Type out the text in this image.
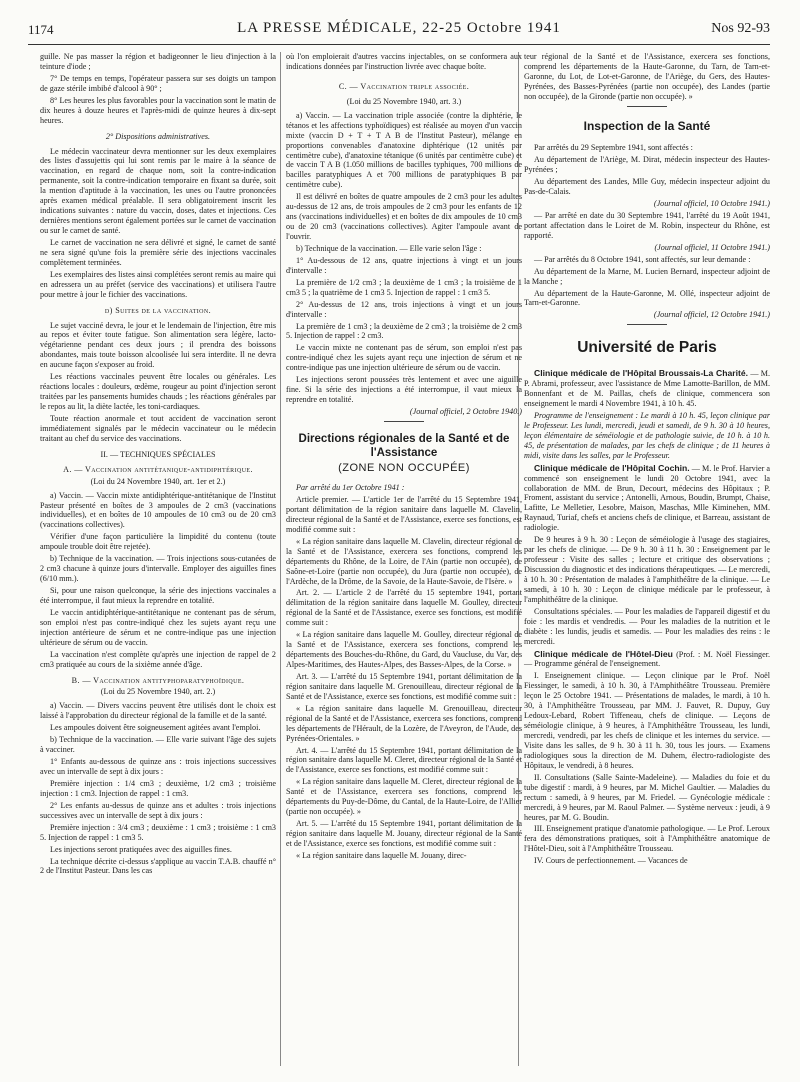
1174	LA PRESSE MÉDICALE, 22-25 Octobre 1941	Nos 92-93

guille. Ne pas masser la région et badigeonner le lieu d'injection à la teinture d'iode ;

7° De temps en temps, l'opérateur passera sur ses doigts un tampon de gaze stérile imbibé d'alcool à 90° ;

8° Les heures les plus favorables pour la vaccination sont le matin de dix heures à douze heures et l'après-midi de quinze heures à dix-sept heures.

2° Dispositions administratives.

Le médecin vaccinateur devra mentionner sur les deux exemplaires des listes d'assujettis qui lui sont remis par le maire à la séance de vaccination, en regard de chaque nom, soit la contre-indication permanente, soit la contre-indication temporaire en fixant sa durée, soit la mention d'aptitude à la vaccination, les unes ou l'autre prononcées après examen médical préalable. Il sera obligatoirement inscrit les indications suivantes : nature du vaccin, doses, dates et injections. Ces dernières mentions seront également portées sur le carnet de vaccination ou sur le carnet de santé.

Le carnet de vaccination ne sera délivré et signé, le carnet de santé ne sera signé qu'une fois la première série des injections vaccinales complètement terminées.

Les exemplaires des listes ainsi complétées seront remis au maire qui en adressera un au préfet (service des vaccinations) et utilisera l'autre pour mettre à jour le fichier des vaccinations.

d) Suites de la vaccination.

Le sujet vacciné devra, le jour et le lendemain de l'injection, être mis au repos et éviter toute fatigue. Son alimentation sera légère, lacto-végétarienne pendant ces deux jours ; il prendra des boissons abondantes, mais toute boisson alcoolisée lui sera interdite. Il ne devra en aucune façon s'exposer au froid.

Les réactions vaccinales peuvent être locales ou générales. Les réactions locales : douleurs, œdème, rougeur au point d'injection seront traitées par les pansements humides chauds ; les réactions générales par le repos au lit, la diète lactée, les toni-cardiaques.

Toute réaction anormale et tout accident de vaccination seront immédiatement signalés par le médecin vaccinateur ou le médecin traitant au chef du service des vaccinations.

II. — TECHNIQUES SPÉCIALES

A. — Vaccination antitétanique-antidiphtérique.

(Loi du 24 Novembre 1940, art. 1er et 2.)

a) Vaccin. — Vaccin mixte antidiphtérique-antitétanique de l'Institut Pasteur présenté en boîtes de 3 ampoules de 2 cm3 (vaccinations individuelles), et en boîtes de 10 ampoules de 10 cm3 ou de 20 cm3 (vaccinations collectives).

Vérifier d'une façon particulière la limpidité du contenu (toute ampoule trouble doit être rejetée).

b) Technique de la vaccination. — Trois injections sous-cutanées de 2 cm3 chacune à quinze jours d'intervalle. Employer des aiguilles fines (6/10 mm.).

Si, pour une raison quelconque, la série des injections vaccinales a été interrompue, il faut mieux la reprendre en totalité.

Le vaccin antidiphtérique-antitétanique ne contenant pas de sérum, son emploi n'est pas contre-indiqué chez les sujets ayant reçu une injection antérieure de sérum et ne contre-indique pas une injection ultérieure de sérum ou de vaccin.

La vaccination n'est complète qu'après une injection de rappel de 2 cm3 pratiquée au cours de la sixième année d'âge.

B. — Vaccination antityphoparatyphoïdique.

(Loi du 25 Novembre 1940, art. 2.)

a) Vaccin. — Divers vaccins peuvent être utilisés dont le choix est laissé à l'approbation du directeur régional de la famille et de la santé.

Les ampoules doivent être soigneusement agitées avant l'emploi.

b) Technique de la vaccination. — Elle varie suivant l'âge des sujets à vacciner.

1° Enfants au-dessous de quinze ans : trois injections successives avec un intervalle de sept à dix jours :

Première injection : 1/4 cm3 ; deuxième, 1/2 cm3 ; troisième injection : 1 cm3. Injection de rappel : 1 cm3.

2° Les enfants au-dessus de quinze ans et adultes : trois injections successives avec un intervalle de sept à dix jours :

Première injection : 3/4 cm3 ; deuxième : 1 cm3 ; troisième : 1 cm3 5. Injection de rappel : 1 cm3 5.

Les injections seront pratiquées avec des aiguilles fines.

La technique décrite ci-dessus s'applique au vaccin T.A.B. chauffé n° 2 de l'Institut Pasteur. Dans les cas

où l'on emploierait d'autres vaccins injectables, on se conformera aux indications données par l'instruction livrée avec chaque boîte.

C. — Vaccination triple associée.

(Loi du 25 Novembre 1940, art. 3.)

a) Vaccin. — La vaccination triple associée (contre la diphtérie, le tétanos et les affections typhoïdiques) est réalisée au moyen d'un vaccin mixte (vaccin D + T + T A B de l'Institut Pasteur), mélange en proportions convenables d'anatoxine diphtérique (12 unités par centimètre cube), d'anatoxine tétanique (6 unités par centimètre cube) et de vaccin T A B (1.050 millions de bacilles typhiques, 700 millions de bacilles paratyphiques A et 700 millions de paratyphiques B par centimètre cube).

Il est délivré en boîtes de quatre ampoules de 2 cm3 pour les adultes au-dessus de 12 ans, de trois ampoules de 2 cm3 pour les enfants de 12 ans (vaccinations individuelles) et en boîtes de dix ampoules de 10 cm3 ou de 20 cm3 (vaccinations collectives). Agiter l'ampoule avant de l'ouvrir.

b) Technique de la vaccination. — Elle varie selon l'âge :

1° Au-dessous de 12 ans, quatre injections à vingt et un jours d'intervalle :

La première de 1/2 cm3 ; la deuxième de 1 cm3 ; la troisième de 1 cm3 5 ; la quatrième de 1 cm3 5. Injection de rappel : 1 cm3 5.

2° Au-dessus de 12 ans, trois injections à vingt et un jours d'intervalle :

La première de 1 cm3 ; la deuxième de 2 cm3 ; la troisième de 2 cm3 5. Injection de rappel : 2 cm3.

Le vaccin mixte ne contenant pas de sérum, son emploi n'est pas contre-indiqué chez les sujets ayant reçu une injection de sérum et ne contre-indique pas une injection ultérieure de sérum ou de vaccin.

Les injections seront poussées très lentement et avec une aiguille fine. Si la série des injections a été interrompue, il vaut mieux la reprendre en totalité.

(Journal officiel, 2 Octobre 1940.)

Directions régionales de la Santé et de l'Assistance
(ZONE NON OCCUPÉE)

Par arrêté du 1er Octobre 1941 :

Article premier. — L'article 1er de l'arrêté du 15 Septembre 1941, portant délimitation de la région sanitaire dans laquelle M. Clavelin, directeur régional de la Santé et de l'Assistance, exerce ses fonctions, est modifié comme suit :

« La région sanitaire dans laquelle M. Clavelin, directeur régional de la Santé et de l'Assistance, exercera ses fonctions, comprend les départements du Rhône, de la Loire, de l'Ain (partie non occupée), de Saône-et-Loire (partie non occupée), du Jura (partie non occupée), de l'Ardèche, de la Drôme, de la Savoie, de la Haute-Savoie, de l'Isère. »

Art. 2. — L'article 2 de l'arrêté du 15 septembre 1941, portant délimitation de la région sanitaire dans laquelle M. Goulley, directeur régional de la Santé et de l'Assistance, exerce ses fonctions, est modifié comme suit :

« La région sanitaire dans laquelle M. Goulley, directeur régional de la Santé et de l'Assistance, exercera ses fonctions, comprend les départements des Bouches-du-Rhône, du Gard, du Vaucluse, du Var, des Alpes-Maritimes, des Hautes-Alpes, des Basses-Alpes, de la Corse. »

Art. 3. — L'arrêté du 15 Septembre 1941, portant délimitation de la région sanitaire dans laquelle M. Grenouilleau, directeur régional de la Santé et de l'Assistance, exerce ses fonctions, est modifié comme suit :

« La région sanitaire dans laquelle M. Grenouilleau, directeur régional de la Santé et de l'Assistance, exercera ses fonctions, comprend les départements de l'Hérault, de la Lozère, de l'Aveyron, de l'Aude, des Pyrénées-Orientales. »

Art. 4. — L'arrêté du 15 Septembre 1941, portant délimitation de la région sanitaire dans laquelle M. Cleret, directeur régional de la Santé et de l'Assistance, exerce ses fonctions, est modifié comme suit :

« La région sanitaire dans laquelle M. Cleret, directeur régional de la Santé et de l'Assistance, exercera ses fonctions, comprend les départements du Puy-de-Dôme, du Cantal, de la Haute-Loire, de l'Allier (partie non occupée). »

Art. 5. — L'arrêté du 15 Septembre 1941, portant délimitation de la région sanitaire dans laquelle M. Jouany, directeur régional de la Santé et de l'Assistance, exerce ses fonctions, est modifié comme suit :

« La région sanitaire dans laquelle M. Jouany, direc-

teur régional de la Santé et de l'Assistance, exercera ses fonctions, comprend les départements de la Haute-Garonne, du Tarn, de Tarn-et-Garonne, du Lot, de Lot-et-Garonne, de l'Ariège, du Gers, des Hautes-Pyrénées, des Basses-Pyrénées (partie non occupée), des Landes (partie non occupée), de la Gironde (partie non occupée). »

Inspection de la Santé

Par arrêtés du 29 Septembre 1941, sont affectés :

Au département de l'Ariège, M. Dirat, médecin inspecteur des Hautes-Pyrénées ;

Au département des Landes, Mlle Guy, médecin inspecteur adjoint du Pas-de-Calais.

(Journal officiel, 10 Octobre 1941.)

— Par arrêté en date du 30 Septembre 1941, l'arrêté du 19 Août 1941, portant affectation dans le Loiret de M. Robin, inspecteur du Rhône, est rapporté.

(Journal officiel, 11 Octobre 1941.)

— Par arrêtés du 8 Octobre 1941, sont affectés, sur leur demande :

Au département de la Marne, M. Lucien Bernard, inspecteur adjoint de la Manche ;

Au département de la Haute-Garonne, M. Ollé, inspecteur adjoint de Tarn-et-Garonne.

(Journal officiel, 12 Octobre 1941.)

Université de Paris

Clinique médicale de l'Hôpital Broussais-La Charité. — M. P. Abrami, professeur, avec l'assistance de Mme Lamotte-Barillon, de MM. Bonnenfant et de M. Paillas, chefs de clinique, commencera son enseignement le mardi 4 Novembre 1941, à 10 h. 45.

Programme de l'enseignement : Le mardi à 10 h. 45, leçon clinique par le Professeur. Les lundi, mercredi, jeudi et samedi, de 9 h. 30 à 10 heures, leçon élémentaire de séméiologie et de pathologie suivie, de 10 h. à 10 h. 45, de présentation de malades, par les chefs de clinique ; de 11 heures à midi, visite dans les salles, par le Professeur.

Clinique médicale de l'Hôpital Cochin. — M. le Prof. Harvier a commencé son enseignement le lundi 20 Octobre 1941, avec la collaboration de MM. de Brun, Decourt, médecins des Hôpitaux ; P. Froment, assistant du service ; Antonelli, Arnous, Boudin, Brumpt, Chaise, Lafitte, Le Melletier, Lesobre, Maison, Maschas, Mlle Kiminehen, MM. Raynaud, Turiaf, chefs et anciens chefs de clinique, et Barreau, assistant de radiologie.

De 9 heures à 9 h. 30 : Leçon de séméiologie à l'usage des stagiaires, par les chefs de clinique. — De 9 h. 30 à 11 h. 30 : Enseignement par le professeur : Visite des salles ; lecture et critique des observations ; Discussion du diagnostic et des indications thérapeutiques. — Le mercredi, à 10 h. 30 : Présentation de malades à l'amphithéâtre de la clinique. — Le samedi, à 10 h. 30 : Leçon de clinique médicale par le professeur, à l'amphithéâtre de la clinique.

Consultations spéciales. — Pour les maladies de l'appareil digestif et du foie : les mardis et vendredis. — Pour les maladies de la nutrition et le diabète : les lundis, jeudis et samedis. — Pour les maladies des reins : le mercredi.

Clinique médicale de l'Hôtel-Dieu (Prof. : M. Noël Fiessinger. — Programme général de l'enseignement.

I. Enseignement clinique. — Leçon clinique par le Prof. Noël Fiessinger, le samedi, à 10 h. 30, à l'Amphithéâtre Trousseau. Première leçon le 25 Octobre 1941. — Présentations de malades, le mardi, à 10 h. 30, à l'Amphithéâtre Trousseau, par MM. J. Fauvet, R. Dupuy, Guy Ledoux-Lebard, Robert Tiffeneau, chefs de clinique. — Leçons de séméiologie clinique, à 9 heures, à l'Amphithéâtre Trousseau, les lundi, mercredi, vendredi, par les chefs de clinique et les internes du service. — Visite dans les salles, de 9 h. 30 à 11 h. 30, tous les jours. — Examens radiologiques sous la direction de M. Duhem, électro-radiologiste des Hôpitaux, le vendredi, à 8 heures.

II. Consultations (Salle Sainte-Madeleine). — Maladies du foie et du tube digestif : mardi, à 9 heures, par M. Michel Gaultier. — Maladies du rectum : samedi, à 9 heures, par M. Friedel. — Gynécologie médicale : mercredi, à 9 heures, par M. Raoul Palmer. — Système nerveux : jeudi, à 9 heures, par M. G. Boudin.

III. Enseignement pratique d'anatomie pathologique. — Le Prof. Leroux fera des démonstrations pratiques, soit à l'Amphithéâtre anatomique de l'Hôtel-Dieu, soit à l'Amphithéâtre Trousseau.

IV. Cours de perfectionnement. — Vacances de
